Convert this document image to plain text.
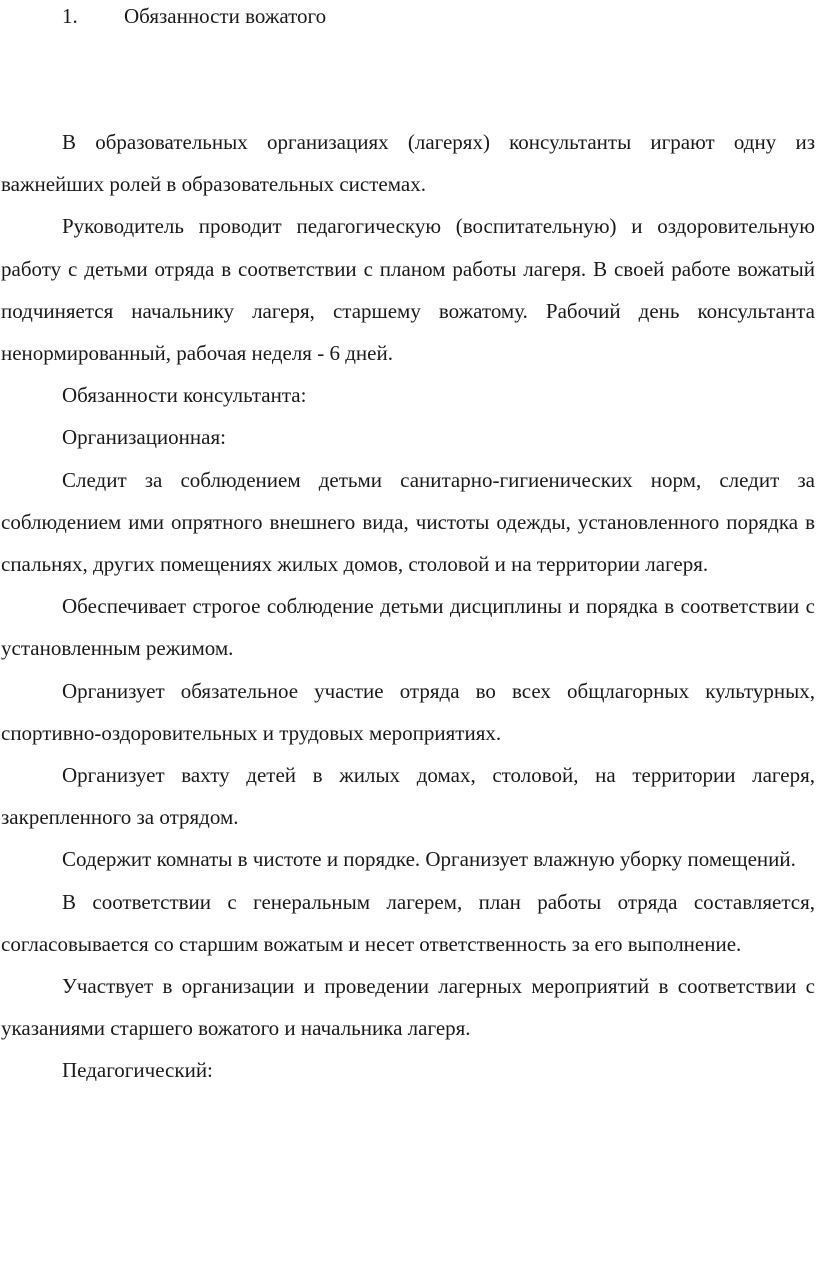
1. Обязанности вожатого

В образовательных организациях (лагерях) консультанты играют одну из важнейших ролей в образовательных системах.

Руководитель проводит педагогическую (воспитательную) и оздоровительную работу с детьми отряда в соответствии с планом работы лагеря. В своей работе вожатый подчиняется начальнику лагеря, старшему вожатому. Рабочий день консультанта ненормированный, рабочая неделя - 6 дней.

Обязанности консультанта:

Организационная:

Следит за соблюдением детьми санитарно-гигиенических норм, следит за соблюдением ими опрятного внешнего вида, чистоты одежды, установленного порядка в спальнях, других помещениях жилых домов, столовой и на территории лагеря.

Обеспечивает строгое соблюдение детьми дисциплины и порядка в соответствии с установленным режимом.

Организует обязательное участие отряда во всех общлагорных культурных, спортивно-оздоровительных и трудовых мероприятиях.

Организует вахту детей в жилых домах, столовой, на территории лагеря, закрепленного за отрядом.

Содержит комнаты в чистоте и порядке. Организует влажную уборку помещений.

В соответствии с генеральным лагерем, план работы отряда составляется, согласовывается со старшим вожатым и несет ответственность за его выполнение.

Участвует в организации и проведении лагерных мероприятий в соответствии с указаниями старшего вожатого и начальника лагеря.

Педагогический:
